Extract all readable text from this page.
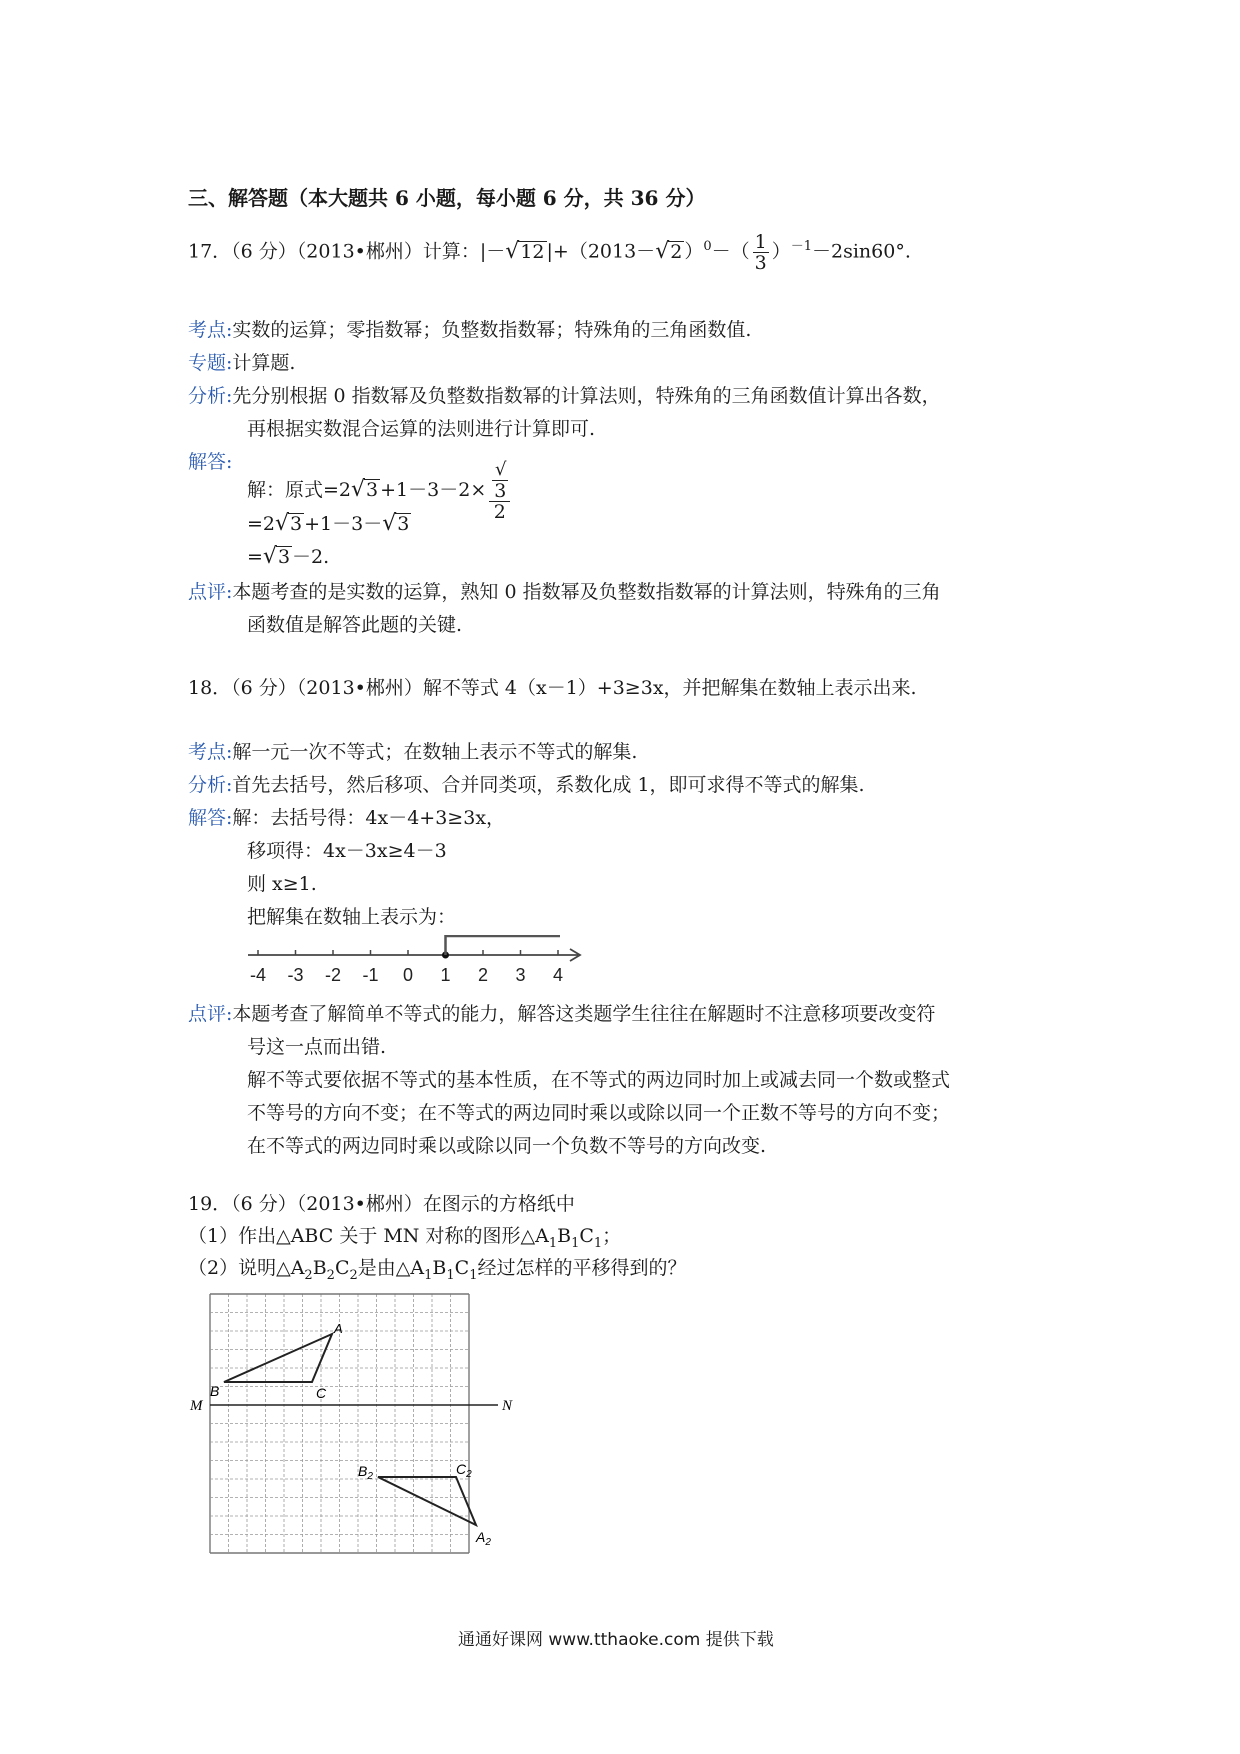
三、解答题（本大题共 6 小题，每小题 6 分，共 36 分）
17．（6 分）（2013•郴州）计算：|－√12 |+（2013－√2 ）$^0-( \frac{1}{3} )^{-1}-2\sin 60^\circ$.
考点:实数的运算；零指数幂；负整数指数幂；特殊角的三角函数值.
专题:计算题.
分析:先分别根据 0 指数幂及负整数指数幂的计算法则，特殊角的三角函数值计算出各数，
再根据实数混合运算的法则进行计算即可.
解答:
解：原式=2√3 +1－3－2× √
3
2
=2√3 +1－3－√3
=√3 －2.
点评:本题考查的是实数的运算，熟知 0 指数幂及负整数指数幂的计算法则，特殊角的三角
函数值是解答此题的关键.
18．（6 分）（2013•郴州）解不等式 4（x－1）+3≥3x，并把解集在数轴上表示出来.
考点:解一元一次不等式；在数轴上表示不等式的解集.
分析:首先去括号，然后移项、合并同类项，系数化成 1，即可求得不等式的解集.
解答:解：去括号得：4x－4+3≥3x，
移项得：4x－3x≥4－3
则 x≥1.
把解集在数轴上表示为：
-4 -3 -2 -1 0 1 2 3 4
点评:本题考查了解简单不等式的能力，解答这类题学生往往在解题时不注意移项要改变符
号这一点而出错.
解不等式要依据不等式的基本性质，在不等式的两边同时加上或减去同一个数或整式
不等号的方向不变；在不等式的两边同时乘以或除以同一个正数不等号的方向不变；
在不等式的两边同时乘以或除以同一个负数不等号的方向改变.
19．（6 分）（2013•郴州）在图示的方格纸中
（1）作出△ABC 关于 MN 对称的图形$\triangle A_1B_1C_1$；
（2）说明$\triangle A_2B_2C_2$是由$\triangle A_1B_1C_1$经过怎样的平移得到的？
M	N
A
B	C
$B_2$	$C_2$
$A_2$
通通好课网 www.tthaoke.com 提供下载
